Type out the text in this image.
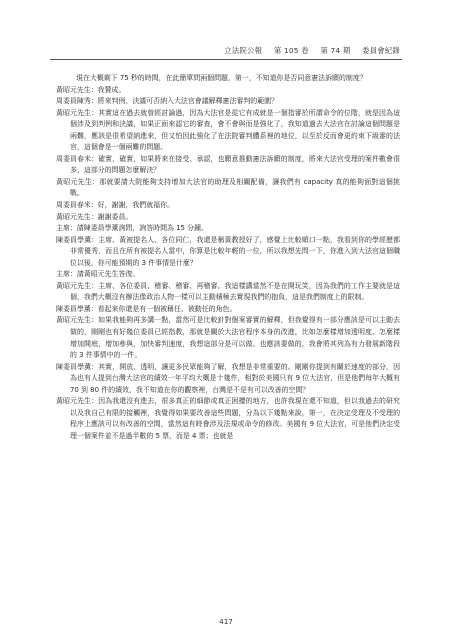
立法院公報 第 105 卷 第 74 期 委員會紀錄

現在大概剩下 75 秒的時間，在此簡單問兩個問題，第一，不知道你是否同意憲法訴願的制度？

黃昭元先生：我贊成。

周委員陳秀：將來判例、決議可否納入大法官會議解釋憲法審判的範圍？

黃昭元先生：其實這在過去就曾經討論過，因為大法官是從它有成就是一個指審於所謂命令的位階，就是因為這個涉及到判例和決議，如果正面來認它的審查，會不會與而是強化了，我知道過去大法官在討論這個問題是兩難，應該是很希望納進來，但又怕因此強化了在法院審判體系裡的地位，以至於反而會更約束下級審的法官，這個會是一個兩難的問題。

周委員春米：確實，確實，如果將來在接受、承認，也願意推動憲法訴願的制度，將來大法官受理的案件數會很多，這部分的問題怎麼解決？

黃昭元先生：那就要請大院能夠支持增加大法官的助理及相關配備，讓我們有 capacity 真的能夠面對這個挑戰。

周委員春米：好，謝謝，我們就福你。

黃昭元先生：謝謝委員。

主席：請陳委員學薰詢問，詢答時間為 15 分鐘。

陳委員學薰：主席、黃被提名人、各位同仁，我還是稱黃教授好了，感覺上比較順口一點，我看到你的學經歷都非常優秀，而且在所有被提名人當中，你算是比較年輕的一位，所以我想先問一下，你進入到大法官這個職位以後，你可能預期的 3 件事情是什麼？

主席：請黃昭元先生答復。

黃昭元先生：主席、各位委員、稽審、稽審、再稽審。我這樣講當然不是在開玩笑，因為我們的工作主要就是這個，我們大概沒有辦法像政治人物一樣可以主動積極去實現我們的抱負，這是我們制度上的限制。

陳委員學薰：看起來你還是有一個被稱任、被動任的角色。

黃昭元先生：如果我能夠再多講一點，當然可是比較針對個案審實的解釋，但我覺得有一部分應該是可以主動去做的，剛剛也有好幾位委員已經指教，那就是關於大法官程序本身的改進，比如怎麼樣增加透明度、怎麼樣增加開庭，增加參與，加快審判速度，我想這部分是可以做、也應該要做的，我會將其列為有力發展新階段的 3 件事情中的一件。

陳委員學薰：其實，開放、透明，讓更多民眾能夠了解，我想是非常重要的。剛剛你提到有關於速度的部分，因為也有人提到台灣大法官的績效一年平均大概是十幾件，相對於美國只有 9 位大法官，但是他們每年大概有 70 到 80 件的績效，我不知道在你的觀察裡，台灣是不是有可以改善的空間？

黃昭元先生：因為我還沒有進去，很多真正的細節或真正困擾的地方，也許我現在還不知道，但以我過去的研究以及我自己有限的接觸裡，我覺得如果要改善這些問題，分為以下幾點來說，第一，在決定受理及不受理的程序上應該可以有改善的空間，當然這有時會涉及法規或命令的修改。美國有 9 位大法官，可是他們決定受理一個案件並不是過半數的 5 票，而是 4 票；也就是

417
